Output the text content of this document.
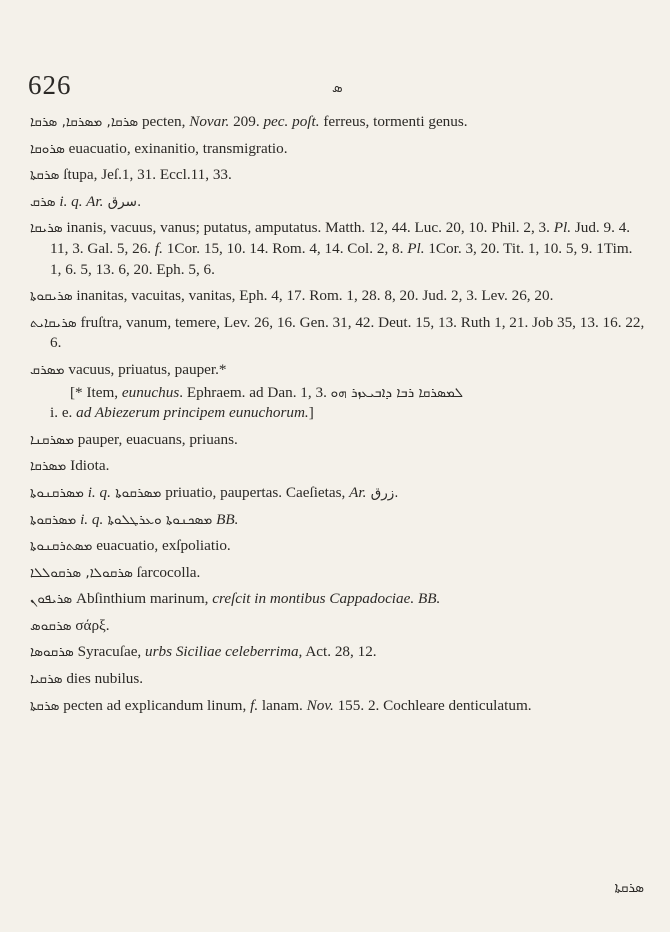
626	ܣ

ܣܪܩܐ, ܡܣܪܩܐ, ܣܪܩܐ pecten, Novar. 209. pec. poſt. ferreus, tormenti genus.

ܣܪܘܩܐ euacuatio, exinanitio, transmigratio.

ܣܪܩܬܐ ſtupa, Jeſ.1, 31. Eccl.11, 33.

ܣܪܩ i. q. Ar. ﺳﺮﻕ.

ܣܪܝܩܐ inanis, vacuus, vanus; putatus, amputatus. Matth. 12, 44. Luc. 20, 10. Phil. 2, 3. Pl. Jud. 9. 4. 11, 3. Gal. 5, 26. f. 1Cor. 15, 10. 14. Rom. 4, 14. Col. 2, 8. Pl. 1Cor. 3, 20. Tit. 1, 10. 5, 9. 1Tim. 1, 6. 5, 13. 6, 20. Eph. 5, 6.

ܣܪܝܩܘܬܐ inanitas, vacuitas, vanitas, Eph. 4, 17. Rom. 1, 28. 8, 20. Jud. 2, 3. Lev. 26, 20.

ܣܪܝܩܐܝܬ fruſtra, vanum, temere, Lev. 26, 16. Gen. 31, 42. Deut. 15, 13. Ruth 1, 21. Job 35, 13. 16. 22, 6.

ܡܣܪܩ vacuus, priuatus, pauper.*

[* Item, eunuchus. Ephraem. ad Dan. 1, 3. ܠܡܣܪܩܐ ܪܒܐ ܕܐܒܝܥܙܪ ܗܘ
i. e. ad Abiezerum principem eunuchorum.]

ܡܣܪܩܢܐ pauper, euacuans, priuans.

ܡܣܪܩܐ Idiota.

ܡܣܪܩܢܘܬܐ i. q. ܡܣܪܩܘܬܐ priuatio, paupertas. Caeſietas, Ar. ﺯﺭﻕ.

ܡܣܪܩܘܬܐ i. q. ܡܣܟܢܘܬܐ ܘܥܪܛܠܘܬܐ BB.

ܡܣܬܪܩܢܘܬܐ euacuatio, exſpoliatio.

ܣܪܩܘܠܐ, ܣܪܩܘܠܠܐ ſarcocolla.

ܣܪܝܦܘܢ Abſinthium marinum, creſcit in montibus Cappadociae. BB.

ܣܪܩܘܣ σάρξ.

ܣܪܩܘܣܐ Syracuſae, urbs Siciliae celeberrima, Act. 28, 12.

ܣܪܩܝܐ dies nubilus.

ܣܪܩܬܐ pecten ad explicandum linum, f. lanam. Nov. 155. 2. Cochleare denticulatum.

ܣܪܩܬܐ
